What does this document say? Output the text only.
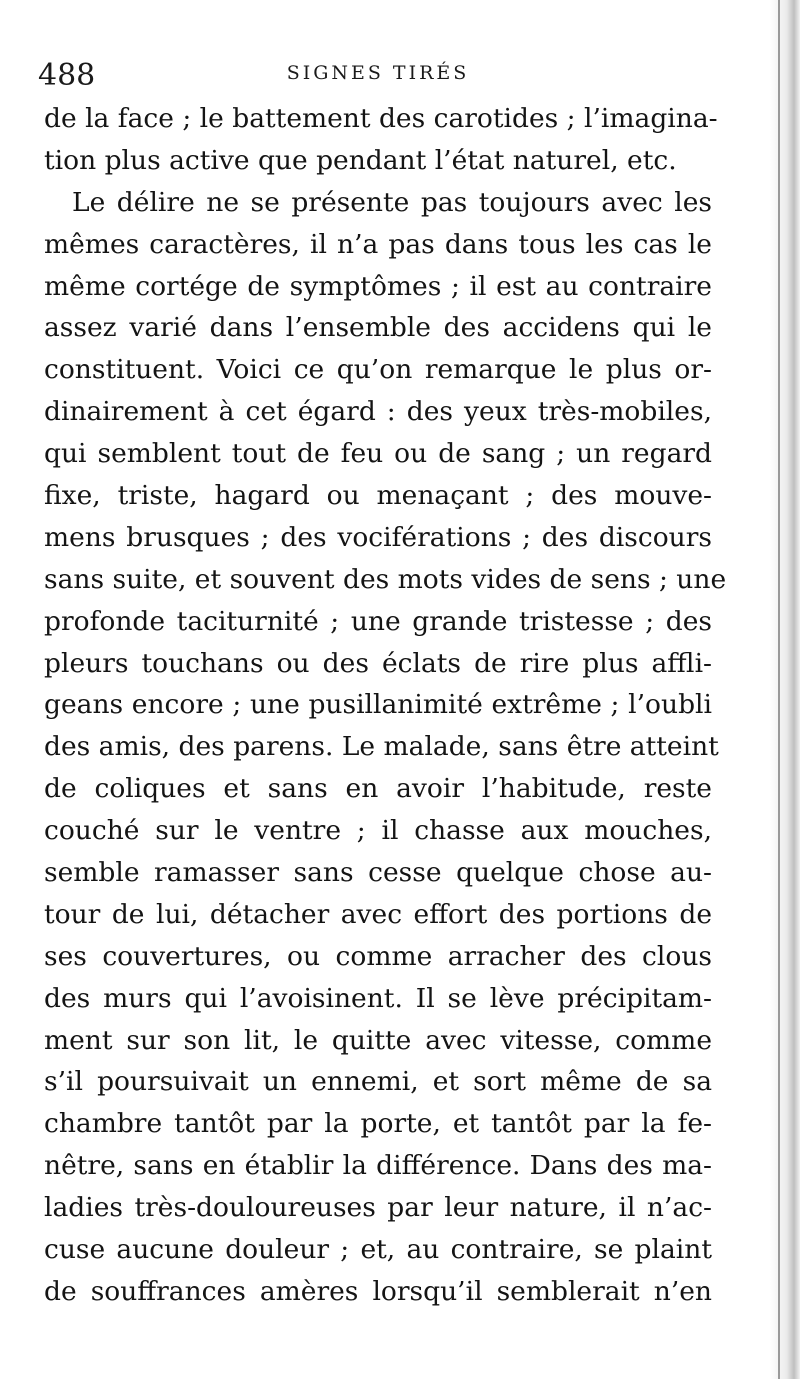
488	SIGNES TIRÉS
de la face ; le battement des carotides ; l’imagina-
tion plus active que pendant l’état naturel, etc.
Le délire ne se présente pas toujours avec les
mêmes caractères, il n’a pas dans tous les cas le
même cortége de symptômes ; il est au contraire
assez varié dans l’ensemble des accidens qui le
constituent. Voici ce qu’on remarque le plus or-
dinairement à cet égard : des yeux très-mobiles,
qui semblent tout de feu ou de sang ; un regard
fixe, triste, hagard ou menaçant ; des mouve-
mens brusques ; des vociférations ; des discours
sans suite, et souvent des mots vides de sens ; une
profonde taciturnité ; une grande tristesse ; des
pleurs touchans ou des éclats de rire plus affli-
geans encore ; une pusillanimité extrême ; l’oubli
des amis, des parens. Le malade, sans être atteint
de coliques et sans en avoir l’habitude, reste
couché sur le ventre ; il chasse aux mouches,
semble ramasser sans cesse quelque chose au-
tour de lui, détacher avec effort des portions de
ses couvertures, ou comme arracher des clous
des murs qui l’avoisinent. Il se lève précipitam-
ment sur son lit, le quitte avec vitesse, comme
s’il poursuivait un ennemi, et sort même de sa
chambre tantôt par la porte, et tantôt par la fe-
nêtre, sans en établir la différence. Dans des ma-
ladies très-douloureuses par leur nature, il n’ac-
cuse aucune douleur ; et, au contraire, se plaint
de souffrances amères lorsqu’il semblerait n’en
